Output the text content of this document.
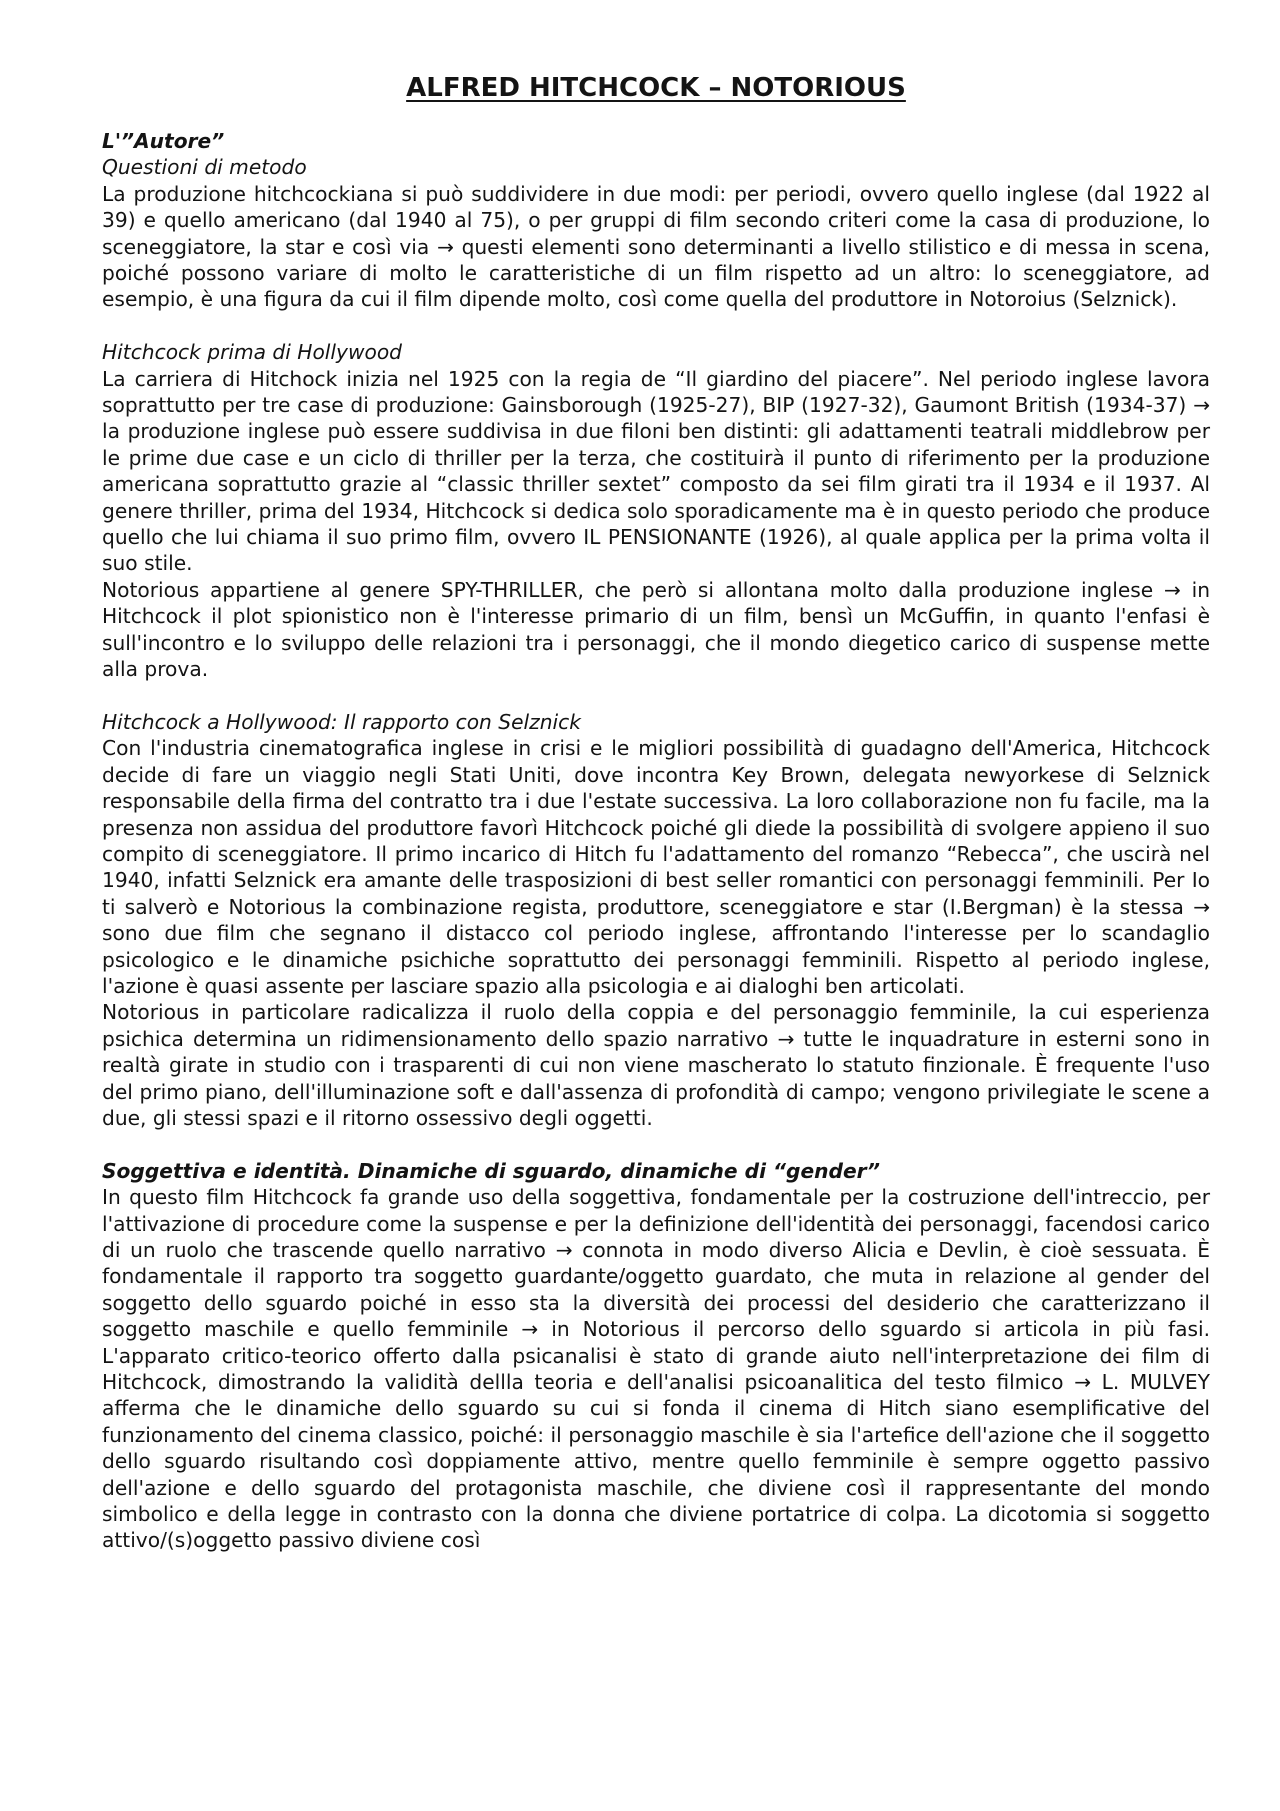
ALFRED HITCHCOCK – NOTORIOUS

L'”Autore”

Questioni di metodo

La produzione hitchcockiana si può suddividere in due modi: per periodi, ovvero quello inglese (dal 1922 al 39) e quello americano (dal 1940 al 75), o per gruppi di film secondo criteri come la casa di produzione, lo sceneggiatore, la star e così via → questi elementi sono determinanti a livello stilistico e di messa in scena, poiché possono variare di molto le caratteristiche di un film rispetto ad un altro: lo sceneggiatore, ad esempio, è una figura da cui il film dipende molto, così come quella del produttore in Notoroius (Selznick).

Hitchcock prima di Hollywood

La carriera di Hitchock inizia nel 1925 con la regia de “Il giardino del piacere”. Nel periodo inglese lavora soprattutto per tre case di produzione: Gainsborough (1925-27), BIP (1927-32), Gaumont British (1934-37) → la produzione inglese può essere suddivisa in due filoni ben distinti: gli adattamenti teatrali middlebrow per le prime due case e un ciclo di thriller per la terza, che costituirà il punto di riferimento per la produzione americana soprattutto grazie al “classic thriller sextet” composto da sei film girati tra il 1934 e il 1937. Al genere thriller, prima del 1934, Hitchcock si dedica solo sporadicamente ma è in questo periodo che produce quello che lui chiama il suo primo film, ovvero IL PENSIONANTE (1926), al quale applica per la prima volta il suo stile.

Notorious appartiene al genere SPY-THRILLER, che però si allontana molto dalla produzione inglese → in Hitchcock il plot spionistico non è l'interesse primario di un film, bensì un McGuffin, in quanto l'enfasi è sull'incontro e lo sviluppo delle relazioni tra i personaggi, che il mondo diegetico carico di suspense mette alla prova.

Hitchcock a Hollywood: Il rapporto con Selznick

Con l'industria cinematografica inglese in crisi e le migliori possibilità di guadagno dell'America, Hitchcock decide di fare un viaggio negli Stati Uniti, dove incontra Key Brown, delegata newyorkese di Selznick responsabile della firma del contratto tra i due l'estate successiva. La loro collaborazione non fu facile, ma la presenza non assidua del produttore favorì Hitchcock poiché gli diede la possibilità di svolgere appieno il suo compito di sceneggiatore. Il primo incarico di Hitch fu l'adattamento del romanzo “Rebecca”, che uscirà nel 1940, infatti Selznick era amante delle trasposizioni di best seller romantici con personaggi femminili. Per Io ti salverò e Notorious la combinazione regista, produttore, sceneggiatore e star (I.Bergman) è la stessa → sono due film che segnano il distacco col periodo inglese, affrontando l'interesse per lo scandaglio psicologico e le dinamiche psichiche soprattutto dei personaggi femminili. Rispetto al periodo inglese, l'azione è quasi assente per lasciare spazio alla psicologia e ai dialoghi ben articolati.

Notorious in particolare radicalizza il ruolo della coppia e del personaggio femminile, la cui esperienza psichica determina un ridimensionamento dello spazio narrativo → tutte le inquadrature in esterni sono in realtà girate in studio con i trasparenti di cui non viene mascherato lo statuto finzionale. È frequente l'uso del primo piano, dell'illuminazione soft e dall'assenza di profondità di campo; vengono privilegiate le scene a due, gli stessi spazi e il ritorno ossessivo degli oggetti.

Soggettiva e identità. Dinamiche di sguardo, dinamiche di “gender”

In questo film Hitchcock fa grande uso della soggettiva, fondamentale per la costruzione dell'intreccio, per l'attivazione di procedure come la suspense e per la definizione dell'identità dei personaggi, facendosi carico di un ruolo che trascende quello narrativo → connota in modo diverso Alicia e Devlin, è cioè sessuata. È fondamentale il rapporto tra soggetto guardante/oggetto guardato, che muta in relazione al gender del soggetto dello sguardo poiché in esso sta la diversità dei processi del desiderio che caratterizzano il soggetto maschile e quello femminile → in Notorious il percorso dello sguardo si articola in più fasi. L'apparato critico-teorico offerto dalla psicanalisi è stato di grande aiuto nell'interpretazione dei film di Hitchcock, dimostrando la validità dellla teoria e dell'analisi psicoanalitica del testo filmico → L. MULVEY afferma che le dinamiche dello sguardo su cui si fonda il cinema di Hitch siano esemplificative del funzionamento del cinema classico, poiché: il personaggio maschile è sia l'artefice dell'azione che il soggetto dello sguardo risultando così doppiamente attivo, mentre quello femminile è sempre oggetto passivo dell'azione e dello sguardo del protagonista maschile, che diviene così il rappresentante del mondo simbolico e della legge in contrasto con la donna che diviene portatrice di colpa. La dicotomia si soggetto attivo/(s)oggetto passivo diviene così
